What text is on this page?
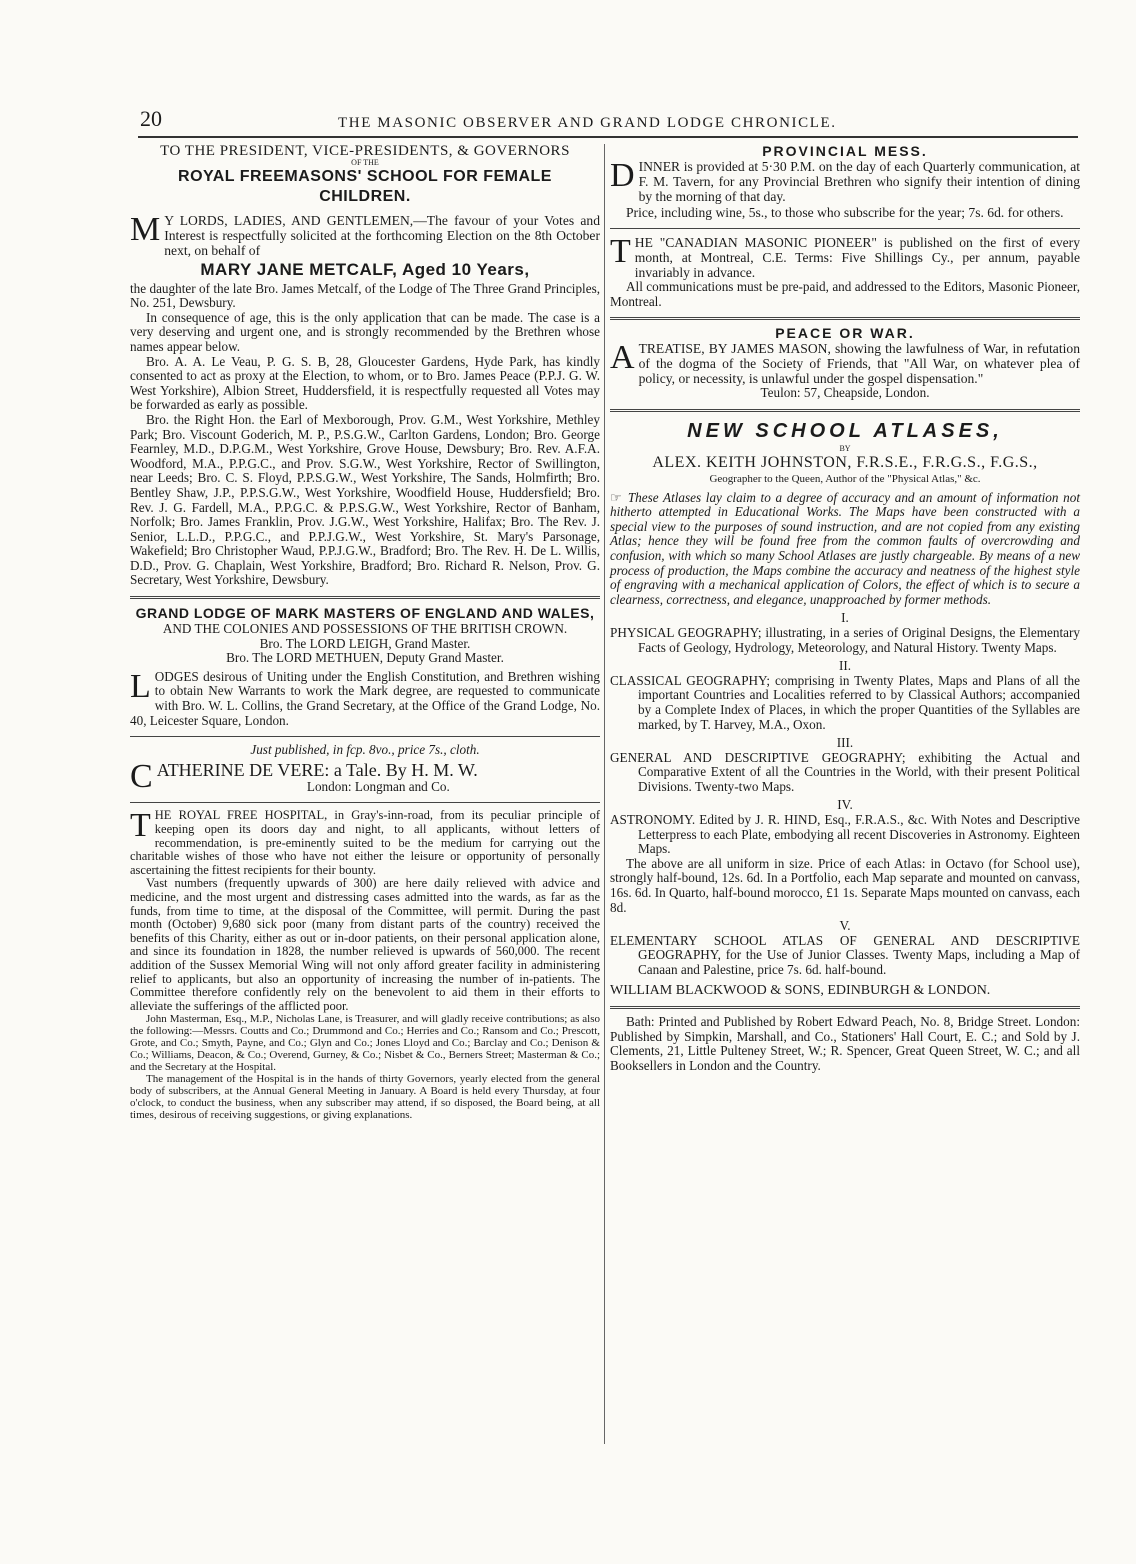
20	THE MASONIC OBSERVER AND GRAND LODGE CHRONICLE.

TO THE PRESIDENT, VICE-PRESIDENTS, & GOVERNORS

OF THE

ROYAL FREEMASONS' SCHOOL FOR FEMALE CHILDREN.

M Y LORDS, LADIES, AND GENTLEMEN,—The favour of your Votes and Interest is respectfully solicited at the forthcoming Election on the 8th October next, on behalf of

MARY JANE METCALF, Aged 10 Years,

the daughter of the late Bro. James Metcalf, of the Lodge of The Three Grand Principles, No. 251, Dewsbury.

In consequence of age, this is the only application that can be made. The case is a very deserving and urgent one, and is strongly recommended by the Brethren whose names appear below.

Bro. A. A. Le Veau, P. G. S. B, 28, Gloucester Gardens, Hyde Park, has kindly consented to act as proxy at the Election, to whom, or to Bro. James Peace (P.P.J. G. W. West Yorkshire), Albion Street, Huddersfield, it is respectfully requested all Votes may be forwarded as early as possible.

Bro. the Right Hon. the Earl of Mexborough, Prov. G.M., West Yorkshire, Methley Park; Bro. Viscount Goderich, M. P., P.S.G.W., Carlton Gardens, London; Bro. George Fearnley, M.D., D.P.G.M., West Yorkshire, Grove House, Dewsbury; Bro. Rev. A.F.A. Woodford, M.A., P.P.G.C., and Prov. S.G.W., West Yorkshire, Rector of Swillington, near Leeds; Bro. C. S. Floyd, P.P.S.G.W., West Yorkshire, The Sands, Holmfirth; Bro. Bentley Shaw, J.P., P.P.S.G.W., West Yorkshire, Woodfield House, Huddersfield; Bro. Rev. J. G. Fardell, M.A., P.P.G.C. & P.P.S.G.W., West Yorkshire, Rector of Banham, Norfolk; Bro. James Franklin, Prov. J.G.W., West Yorkshire, Halifax; Bro. The Rev. J. Senior, L.L.D., P.P.G.C., and P.P.J.G.W., West Yorkshire, St. Mary's Parsonage, Wakefield; Bro Christopher Waud, P.P.J.G.W., Bradford; Bro. The Rev. H. De L. Willis, D.D., Prov. G. Chaplain, West Yorkshire, Bradford; Bro. Richard R. Nelson, Prov. G. Secretary, West Yorkshire, Dewsbury.

GRAND LODGE OF MARK MASTERS OF ENGLAND AND WALES,

AND THE COLONIES AND POSSESSIONS OF THE BRITISH CROWN.

Bro. The LORD LEIGH, Grand Master.

Bro. The LORD METHUEN, Deputy Grand Master.

LODGES desirous of Uniting under the English Constitution, and Brethren wishing to obtain New Warrants to work the Mark degree, are requested to communicate with Bro. W. L. Collins, the Grand Secretary, at the Office of the Grand Lodge, No. 40, Leicester Square, London.

Just published, in fcp. 8vo., price 7s., cloth.

CATHERINE DE VERE: a Tale. By H. M. W.

London: Longman and Co.

THE ROYAL FREE HOSPITAL, in Gray's-inn-road, from its peculiar principle of keeping open its doors day and night, to all applicants, without letters of recommendation, is pre-eminently suited to be the medium for carrying out the charitable wishes of those who have not either the leisure or opportunity of personally ascertaining the fittest recipients for their bounty.

Vast numbers (frequently upwards of 300) are here daily relieved with advice and medicine, and the most urgent and distressing cases admitted into the wards, as far as the funds, from time to time, at the disposal of the Committee, will permit. During the past month (October) 9,680 sick poor (many from distant parts of the country) received the benefits of this Charity, either as out or in-door patients, on their personal application alone, and since its foundation in 1828, the number relieved is upwards of 560,000. The recent addition of the Sussex Memorial Wing will not only afford greater facility in administering relief to applicants, but also an opportunity of increasing the number of in-patients. The Committee therefore confidently rely on the benevolent to aid them in their efforts to alleviate the sufferings of the afflicted poor.

John Masterman, Esq., M.P., Nicholas Lane, is Treasurer, and will gladly receive contributions; as also the following:—Messrs. Coutts and Co.; Drummond and Co.; Herries and Co.; Ransom and Co.; Prescott, Grote, and Co.; Smyth, Payne, and Co.; Glyn and Co.; Jones Lloyd and Co.; Barclay and Co.; Denison & Co.; Williams, Deacon, & Co.; Overend, Gurney, & Co.; Nisbet & Co., Berners Street; Masterman & Co.; and the Secretary at the Hospital.

The management of the Hospital is in the hands of thirty Governors, yearly elected from the general body of subscribers, at the Annual General Meeting in January. A Board is held every Thursday, at four o'clock, to conduct the business, when any subscriber may attend, if so disposed, the Board being, at all times, desirous of receiving suggestions, or giving explanations.

PROVINCIAL MESS.

DINNER is provided at 5·30 P.M. on the day of each Quarterly communication, at F. M. Tavern, for any Provincial Brethren who signify their intention of dining by the morning of that day.

Price, including wine, 5s., to those who subscribe for the year; 7s. 6d. for others.

THE "CANADIAN MASONIC PIONEER" is published on the first of every month, at Montreal, C.E. Terms: Five Shillings Cy., per annum, payable invariably in advance.

All communications must be pre-paid, and addressed to the Editors, Masonic Pioneer, Montreal.

PEACE OR WAR.

ATREATISE, BY JAMES MASON, showing the lawfulness of War, in refutation of the dogma of the Society of Friends, that "All War, on whatever plea of policy, or necessity, is unlawful under the gospel dispensation."

Teulon: 57, Cheapside, London.

NEW SCHOOL ATLASES,

BY

ALEX. KEITH JOHNSTON, F.R.S.E., F.R.G.S., F.G.S.,

Geographer to the Queen, Author of the "Physical Atlas," &c.

☞ These Atlases lay claim to a degree of accuracy and an amount of information not hitherto attempted in Educational Works. The Maps have been constructed with a special view to the purposes of sound instruction, and are not copied from any existing Atlas; hence they will be found free from the common faults of overcrowding and confusion, with which so many School Atlases are justly chargeable. By means of a new process of production, the Maps combine the accuracy and neatness of the highest style of engraving with a mechanical application of Colors, the effect of which is to secure a clearness, correctness, and elegance, unapproached by former methods.

I.

PHYSICAL GEOGRAPHY; illustrating, in a series of Original Designs, the Elementary Facts of Geology, Hydrology, Meteorology, and Natural History. Twenty Maps.

II.

CLASSICAL GEOGRAPHY; comprising in Twenty Plates, Maps and Plans of all the important Countries and Localities referred to by Classical Authors; accompanied by a Complete Index of Places, in which the proper Quantities of the Syllables are marked, by T. Harvey, M.A., Oxon.

III.

GENERAL AND DESCRIPTIVE GEOGRAPHY; exhibiting the Actual and Comparative Extent of all the Countries in the World, with their present Political Divisions. Twenty-two Maps.

IV.

ASTRONOMY. Edited by J. R. HIND, Esq., F.R.A.S., &c. With Notes and Descriptive Letterpress to each Plate, embodying all recent Discoveries in Astronomy. Eighteen Maps.

The above are all uniform in size. Price of each Atlas: in Octavo (for School use), strongly half-bound, 12s. 6d. In a Portfolio, each Map separate and mounted on canvass, 16s. 6d. In Quarto, half-bound morocco, £1 1s. Separate Maps mounted on canvass, each 8d.

V.

ELEMENTARY SCHOOL ATLAS OF GENERAL AND DESCRIPTIVE GEOGRAPHY, for the Use of Junior Classes. Twenty Maps, including a Map of Canaan and Palestine, price 7s. 6d. half-bound.

WILLIAM BLACKWOOD & SONS, EDINBURGH & LONDON.

Bath: Printed and Published by Robert Edward Peach, No. 8, Bridge Street. London: Published by Simpkin, Marshall, and Co., Stationers' Hall Court, E. C.; and Sold by J. Clements, 21, Little Pulteney Street, W.; R. Spencer, Great Queen Street, W. C.; and all Booksellers in London and the Country.
